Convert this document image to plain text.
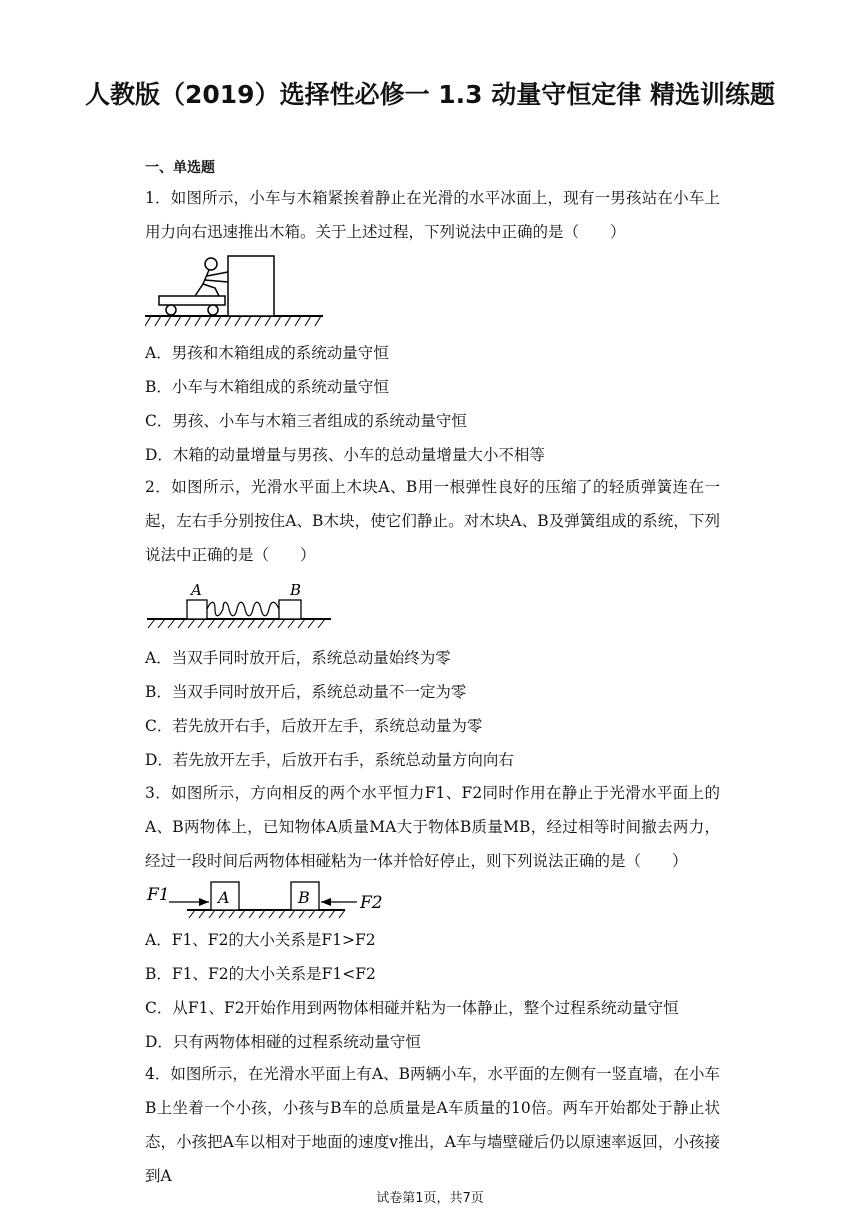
人教版（2019）选择性必修一 1.3 动量守恒定律 精选训练题
一、单选题
1．如图所示，小车与木箱紧挨着静止在光滑的水平冰面上，现有一男孩站在小车上用力向右迅速推出木箱。关于上述过程，下列说法中正确的是（　　）
A．男孩和木箱组成的系统动量守恒
B．小车与木箱组成的系统动量守恒
C．男孩、小车与木箱三者组成的系统动量守恒
D．木箱的动量增量与男孩、小车的总动量增量大小不相等
2．如图所示，光滑水平面上木块A、B用一根弹性良好的压缩了的轻质弹簧连在一起，左右手分别按住A、B木块，使它们静止。对木块A、B及弹簧组成的系统，下列说法中正确的是（　　）
A	B
A．当双手同时放开后，系统总动量始终为零
B．当双手同时放开后，系统总动量不一定为零
C．若先放开右手，后放开左手，系统总动量为零
D．若先放开左手，后放开右手，系统总动量方向向右
3．如图所示，方向相反的两个水平恒力F1、F2同时作用在静止于光滑水平面上的A、B两物体上，已知物体A质量MA大于物体B质量MB，经过相等时间撤去两力，经过一段时间后两物体相碰粘为一体并恰好停止，则下列说法正确的是（　　）
F1	F2
A	B
A．F1、F2的大小关系是F1>F2
B．F1、F2的大小关系是F1<F2
C．从F1、F2开始作用到两物体相碰并粘为一体静止，整个过程系统动量守恒
D．只有两物体相碰的过程系统动量守恒
4．如图所示，在光滑水平面上有A、B两辆小车，水平面的左侧有一竖直墙，在小车B上坐着一个小孩，小孩与B车的总质量是A车质量的10倍。两车开始都处于静止状态，小孩把A车以相对于地面的速度v推出，A车与墙壁碰后仍以原速率返回，小孩接到A
试卷第1页，共7页
